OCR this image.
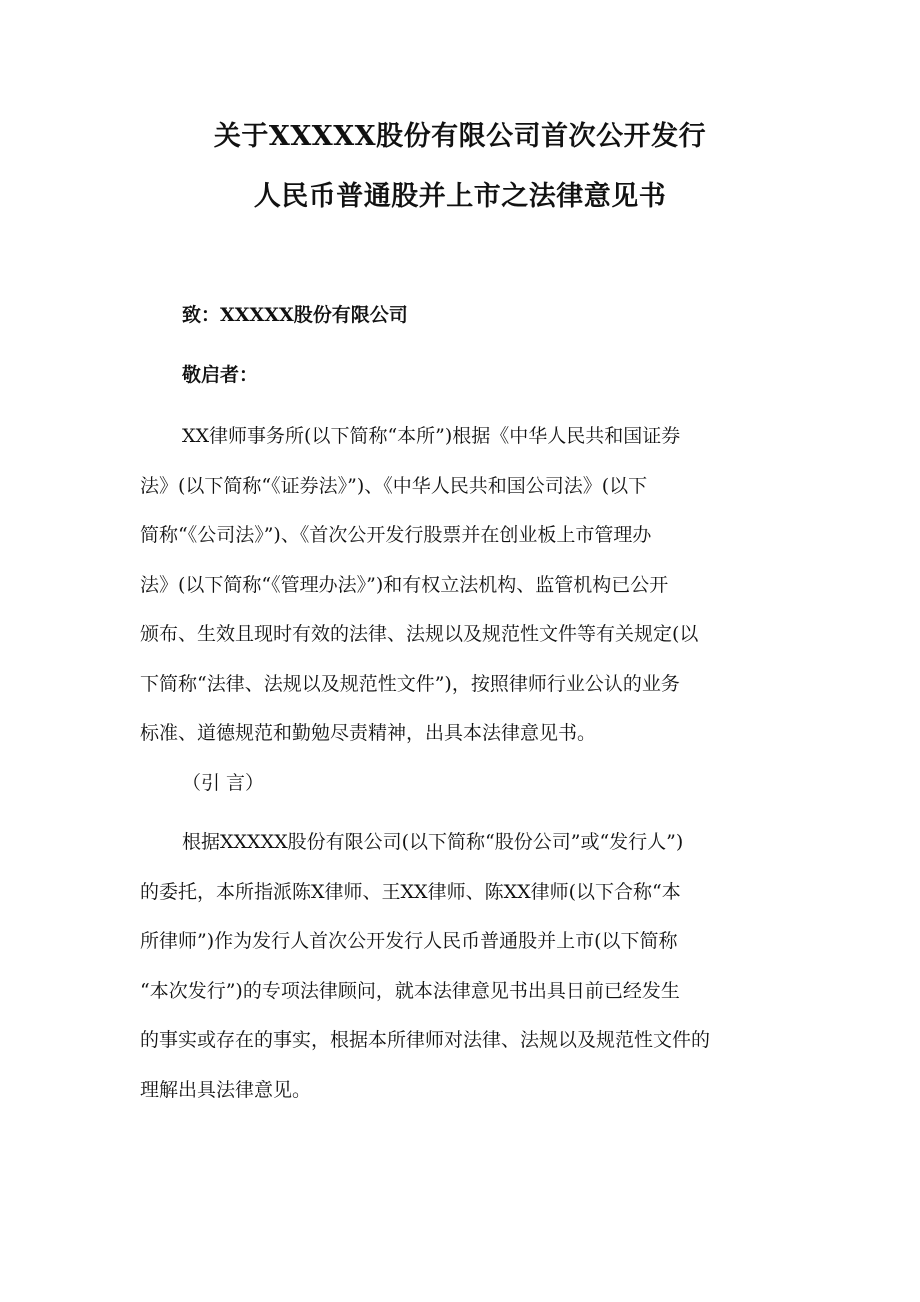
关于XXXXX股份有限公司首次公开发行
人民币普通股并上市之法律意见书
致：XXXXX股份有限公司
敬启者：
XX律师事务所(以下简称“本所”)根据《中华人民共和国证券
法》(以下简称“《证券法》”)、《中华人民共和国公司法》(以下
简称“《公司法》”)、《首次公开发行股票并在创业板上市管理办
法》(以下简称“《管理办法》”)和有权立法机构、监管机构已公开
颁布、生效且现时有效的法律、法规以及规范性文件等有关规定(以
下简称“法律、法规以及规范性文件”)，按照律师行业公认的业务
标准、道德规范和勤勉尽责精神，出具本法律意见书。
（引 言）
根据XXXXX股份有限公司(以下简称“股份公司”或“发行人”)
的委托，本所指派陈X律师、王XX律师、陈XX律师(以下合称“本
所律师”)作为发行人首次公开发行人民币普通股并上市(以下简称
“本次发行”)的专项法律顾问，就本法律意见书出具日前已经发生
的事实或存在的事实，根据本所律师对法律、法规以及规范性文件的
理解出具法律意见。
